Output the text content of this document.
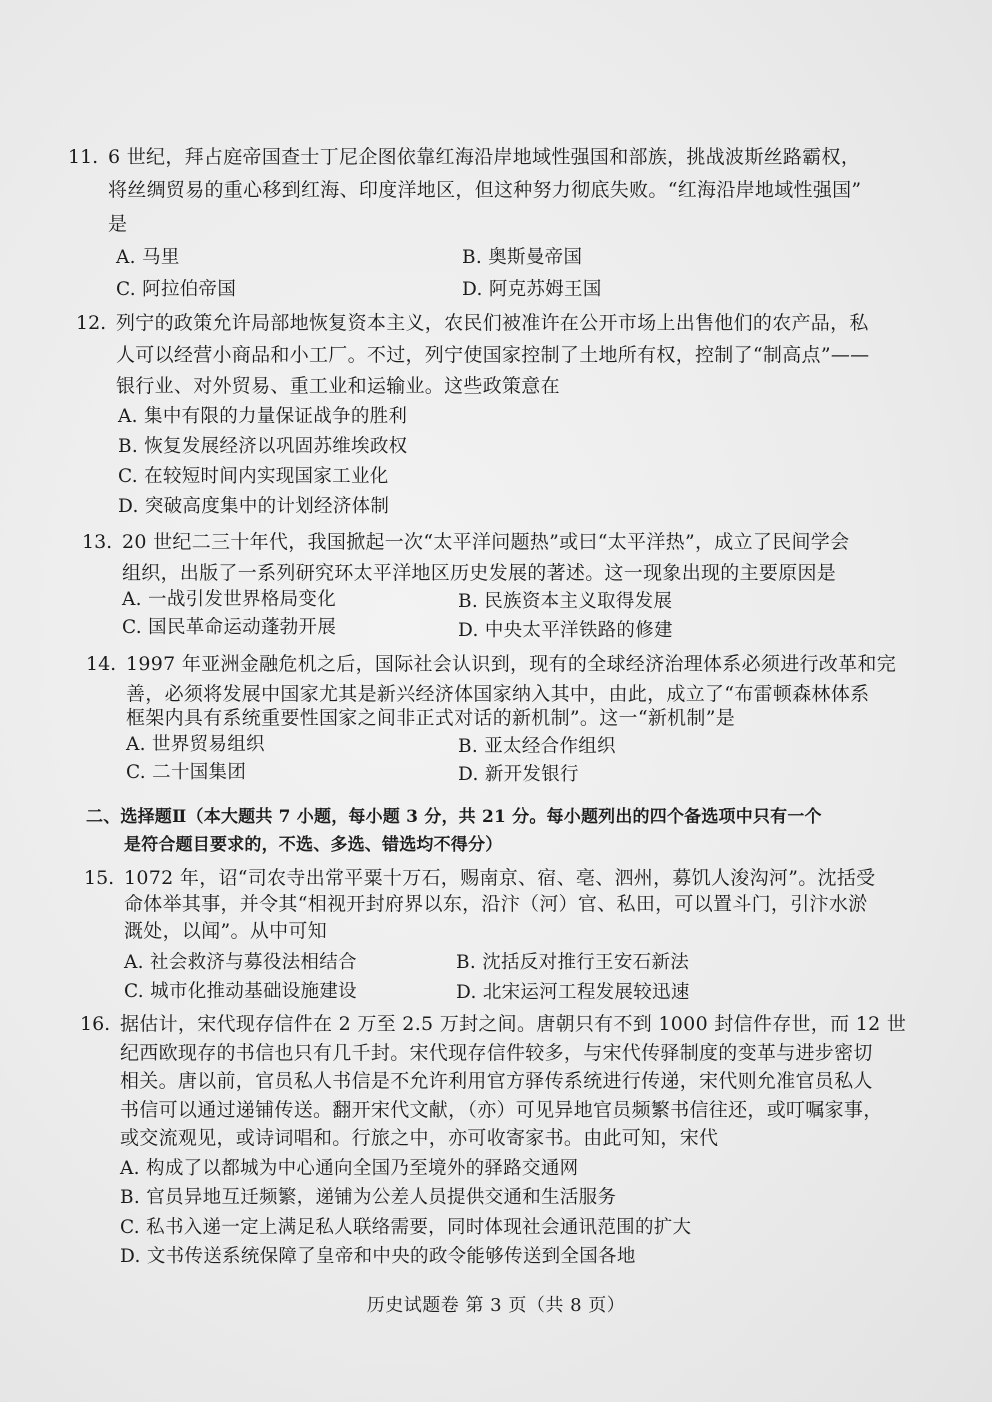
11. 6 世纪，拜占庭帝国查士丁尼企图依靠红海沿岸地域性强国和部族，挑战波斯丝路霸权，
将丝绸贸易的重心移到红海、印度洋地区，但这种努力彻底失败。“红海沿岸地域性强国”
是
A. 马里	B. 奥斯曼帝国
C. 阿拉伯帝国	D. 阿克苏姆王国
12. 列宁的政策允许局部地恢复资本主义，农民们被准许在公开市场上出售他们的农产品，私
人可以经营小商品和小工厂。不过，列宁使国家控制了土地所有权，控制了“制高点”——
银行业、对外贸易、重工业和运输业。这些政策意在
A. 集中有限的力量保证战争的胜利
B. 恢复发展经济以巩固苏维埃政权
C. 在较短时间内实现国家工业化
D. 突破高度集中的计划经济体制
13. 20 世纪二三十年代，我国掀起一次“太平洋问题热”或曰“太平洋热”，成立了民间学会
组织，出版了一系列研究环太平洋地区历史发展的著述。这一现象出现的主要原因是
A. 一战引发世界格局变化	B. 民族资本主义取得发展
C. 国民革命运动蓬勃开展	D. 中央太平洋铁路的修建
14. 1997 年亚洲金融危机之后，国际社会认识到，现有的全球经济治理体系必须进行改革和完
善，必须将发展中国家尤其是新兴经济体国家纳入其中，由此，成立了“布雷顿森林体系
框架内具有系统重要性国家之间非正式对话的新机制”。这一“新机制”是
A. 世界贸易组织	B. 亚太经合作组织
C. 二十国集团	D. 新开发银行
二、选择题Ⅱ（本大题共 7 小题，每小题 3 分，共 21 分。每小题列出的四个备选项中只有一个
是符合题目要求的，不选、多选、错选均不得分）
15. 1072 年，诏“司农寺出常平粟十万石，赐南京、宿、亳、泗州，募饥人浚沟河”。沈括受
命体举其事，并令其“相视开封府界以东，沿汴（河）官、私田，可以置斗门，引汴水淤
溉处，以闻”。从中可知
A. 社会救济与募役法相结合	B. 沈括反对推行王安石新法
C. 城市化推动基础设施建设	D. 北宋运河工程发展较迅速
16. 据估计，宋代现存信件在 2 万至 2.5 万封之间。唐朝只有不到 1000 封信件存世，而 12 世
纪西欧现存的书信也只有几千封。宋代现存信件较多，与宋代传驿制度的变革与进步密切
相关。唐以前，官员私人书信是不允许利用官方驿传系统进行传递，宋代则允准官员私人
书信可以通过递铺传送。翻开宋代文献，（亦）可见异地官员频繁书信往还，或叮嘱家事，
或交流观见，或诗词唱和。行旅之中，亦可收寄家书。由此可知，宋代
A. 构成了以都城为中心通向全国乃至境外的驿路交通网
B. 官员异地互迁频繁，递铺为公差人员提供交通和生活服务
C. 私书入递一定上满足私人联络需要，同时体现社会通讯范围的扩大
D. 文书传送系统保障了皇帝和中央的政令能够传送到全国各地
历史试题卷 第 3 页（共 8 页）
